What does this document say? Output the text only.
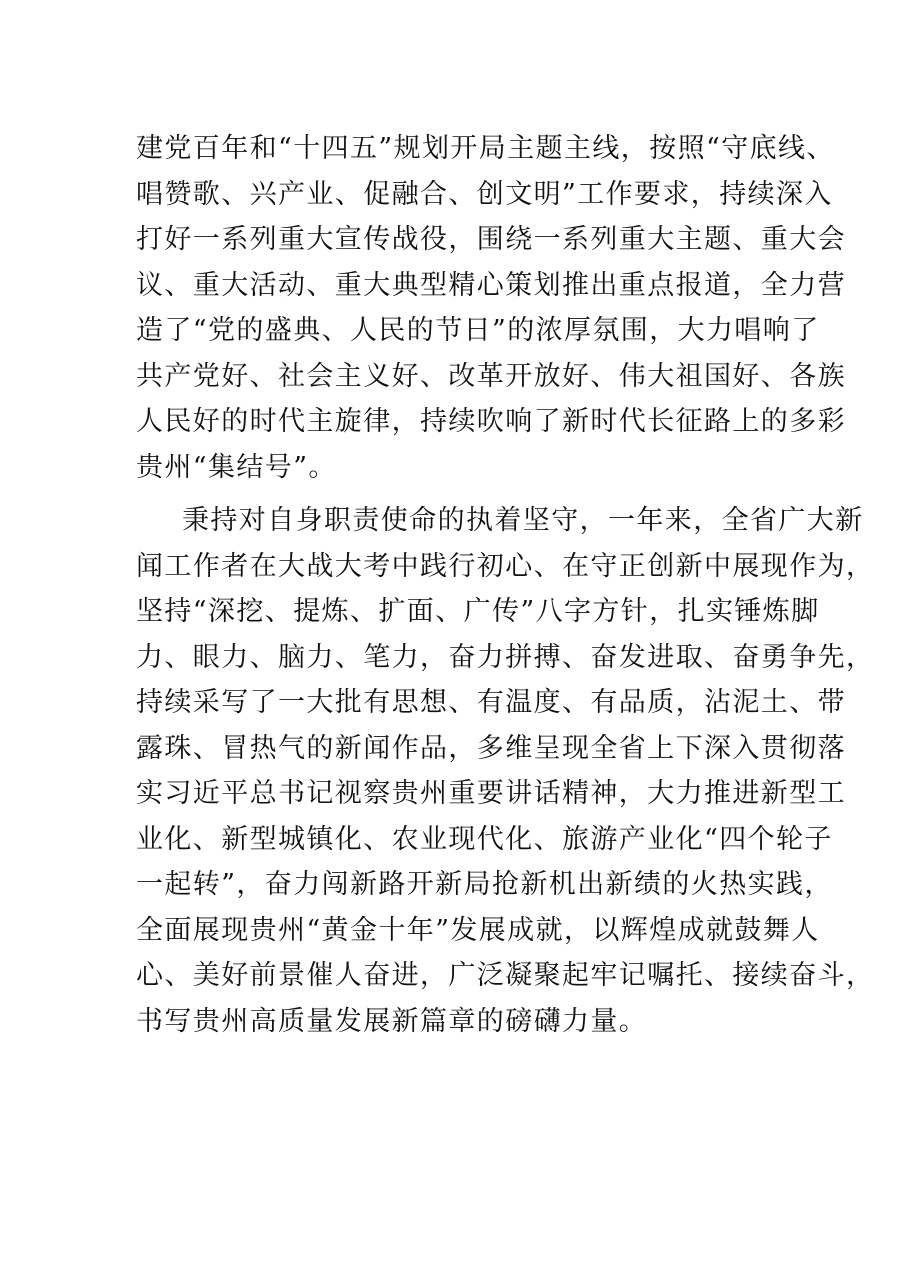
建党百年和“十四五”规划开局主题主线，按照“守底线、
唱赞歌、兴产业、促融合、创文明”工作要求，持续深入
打好一系列重大宣传战役，围绕一系列重大主题、重大会
议、重大活动、重大典型精心策划推出重点报道，全力营
造了“党的盛典、人民的节日”的浓厚氛围，大力唱响了
共产党好、社会主义好、改革开放好、伟大祖国好、各族
人民好的时代主旋律，持续吹响了新时代长征路上的多彩
贵州“集结号”。
秉持对自身职责使命的执着坚守，一年来，全省广大新
闻工作者在大战大考中践行初心、在守正创新中展现作为，
坚持“深挖、提炼、扩面、广传”八字方针，扎实锤炼脚
力、眼力、脑力、笔力，奋力拼搏、奋发进取、奋勇争先，
持续采写了一大批有思想、有温度、有品质，沾泥土、带
露珠、冒热气的新闻作品，多维呈现全省上下深入贯彻落
实习近平总书记视察贵州重要讲话精神，大力推进新型工
业化、新型城镇化、农业现代化、旅游产业化“四个轮子
一起转”，奋力闯新路开新局抢新机出新绩的火热实践，
全面展现贵州“黄金十年”发展成就，以辉煌成就鼓舞人
心、美好前景催人奋进，广泛凝聚起牢记嘱托、接续奋斗，
书写贵州高质量发展新篇章的磅礴力量。
